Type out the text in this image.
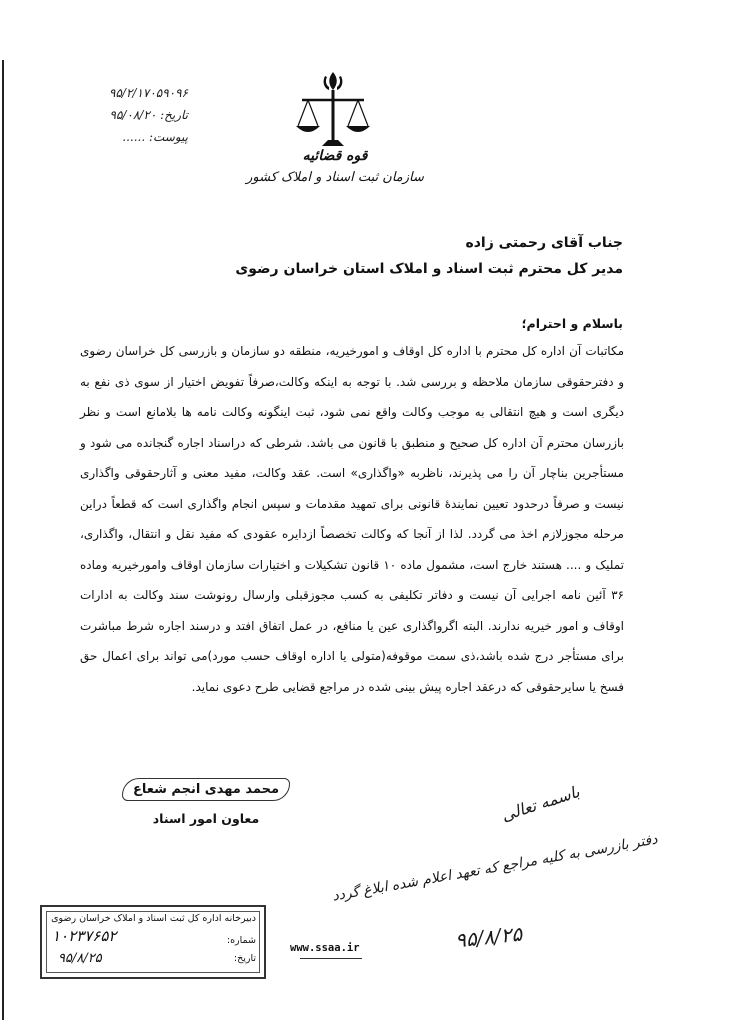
۹۵/۲/۱۷۰۵۹۰۹۶
تاریخ: ۹۵/۰۸/۲۰
پیوست: ......
قوه قضائیه
سازمان ثبت اسناد و املاک کشور
جناب آقای رحمتی زاده
مدیر کل محترم ثبت اسناد و املاک استان خراسان رضوی
باسلام و احترام؛
مکاتبات آن اداره کل محترم با اداره کل اوقاف و امورخیریه، منطقه دو سازمان و بازرسی کل خراسان رضوی و دفترحقوقی سازمان ملاحظه و بررسی شد. با توجه به اینکه وکالت،صرفاً تفویض اختیار از سوی ذی نفع به دیگری است و هیچ انتقالی به موجب وکالت واقع نمی شود، ثبت اینگونه وکالت نامه ها بلامانع است و نظر بازرسان محترم آن اداره کل صحیح و منطبق با قانون می باشد. شرطی که دراسناد اجاره گنجانده می شود و مستأجرین بناچار آن را می پذیرند، ناظربه «واگذاری» است. عقد وکالت، مفید معنی و آثارحقوقی واگذاری نیست و صرفاً درحدود تعیین نمایندهٔ قانونی برای تمهید مقدمات و سپس انجام واگذاری است که قطعاً دراین مرحله مجوزلازم اخذ می گردد. لذا از آنجا که وکالت تخصصاً ازدایره عقودی که مفید نقل و انتقال، واگذاری، تملیک و .... هستند خارج است، مشمول ماده ۱۰ قانون تشکیلات و اختیارات سازمان اوقاف وامورخیریه وماده ۳۶ آئین نامه اجرایی آن نیست و دفاتر تکلیفی به کسب مجوزقبلی وارسال رونوشت سند وکالت به ادارات اوقاف و امور خیریه ندارند. البته اگرواگذاری عین یا منافع، در عمل اتفاق افتد و درسند اجاره شرط مباشرت برای مستأجر درج شده باشد،ذی سمت موقوفه(متولی یا اداره اوقاف حسب مورد)می تواند برای اعمال حق فسخ یا سایرحقوقی که درعقد اجاره پیش بینی شده در مراجع قضایی طرح دعوی نماید.
محمد مهدی انجم شعاع
معاون امور اسناد	باسمه تعالی
دفتر بازرسی به کلیه مراجع که تعهد اعلام شده ابلاغ گردد
۹۵/۸/۲۵
دبیرخانه اداره کل ثبت اسناد و املاک خراسان رضوی
شماره:
۱۰۲۳۷۶۵۲
تاریخ:
۹۵/۸/۲۵
www.ssaa.ir
